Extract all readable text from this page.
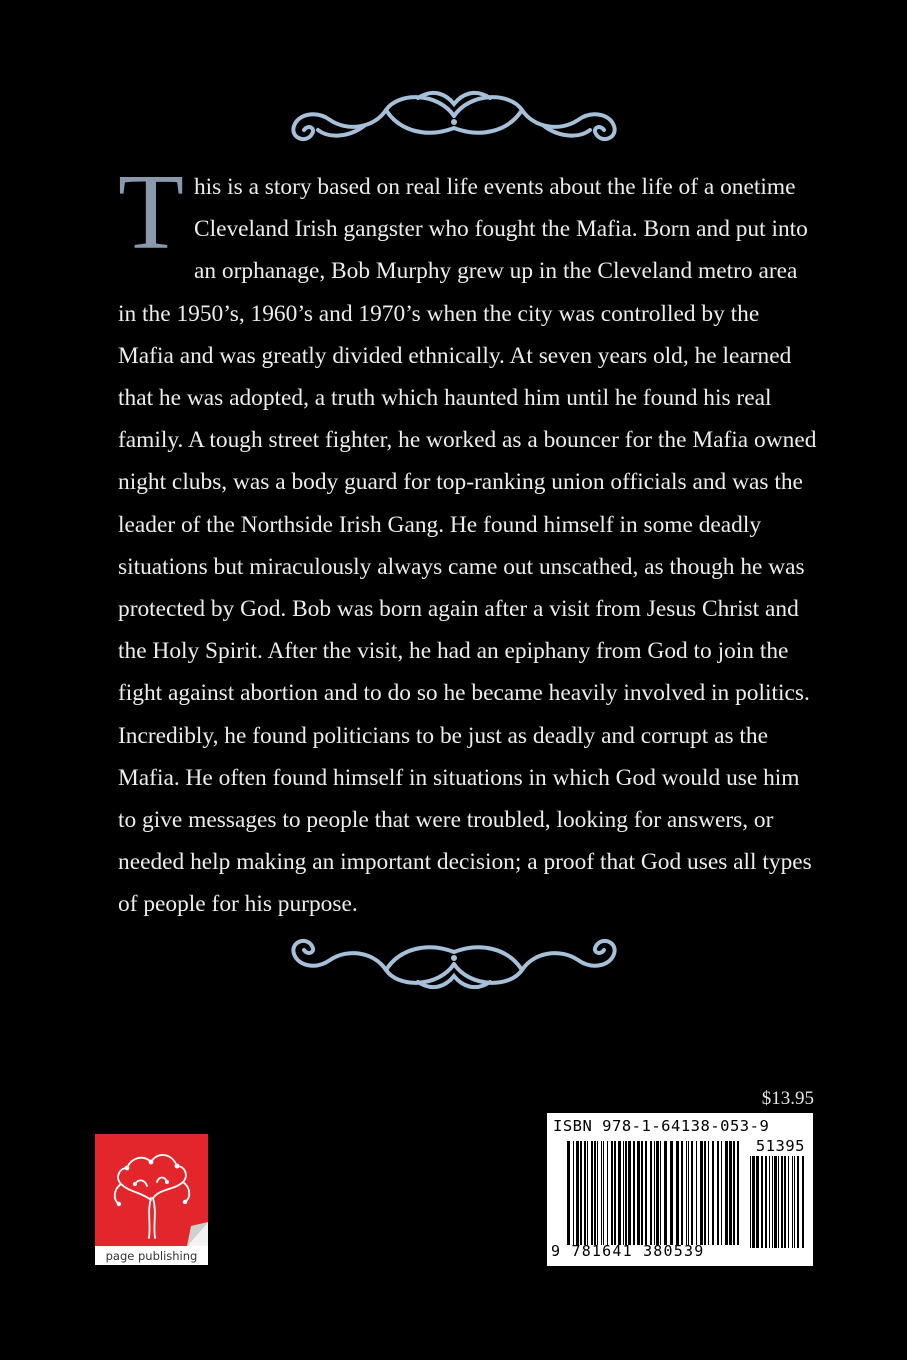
This is a story based on real life events about the life of a onetime Cleveland Irish gangster who fought the Mafia. Born and put into an orphanage, Bob Murphy grew up in the Cleveland metro area in the 1950’s, 1960’s and 1970’s when the city was controlled by the Mafia and was greatly divided ethnically. At seven years old, he learned that he was adopted, a truth which haunted him until he found his real family. A tough street fighter, he worked as a bouncer for the Mafia owned night clubs, was a body guard for top-ranking union officials and was the leader of the Northside Irish Gang. He found himself in some deadly situations but miraculously always came out unscathed, as though he was protected by God. Bob was born again after a visit from Jesus Christ and the Holy Spirit. After the visit, he had an epiphany from God to join the fight against abortion and to do so he became heavily involved in politics. Incredibly, he found politicians to be just as deadly and corrupt as the Mafia. He often found himself in situations in which God would use him to give messages to people that were troubled, looking for answers, or needed help making an important decision; a proof that God uses all types of people for his purpose.

$13.95
ISBN 978-1-64138-053-9
51395
9 781641 380539
page publishing
